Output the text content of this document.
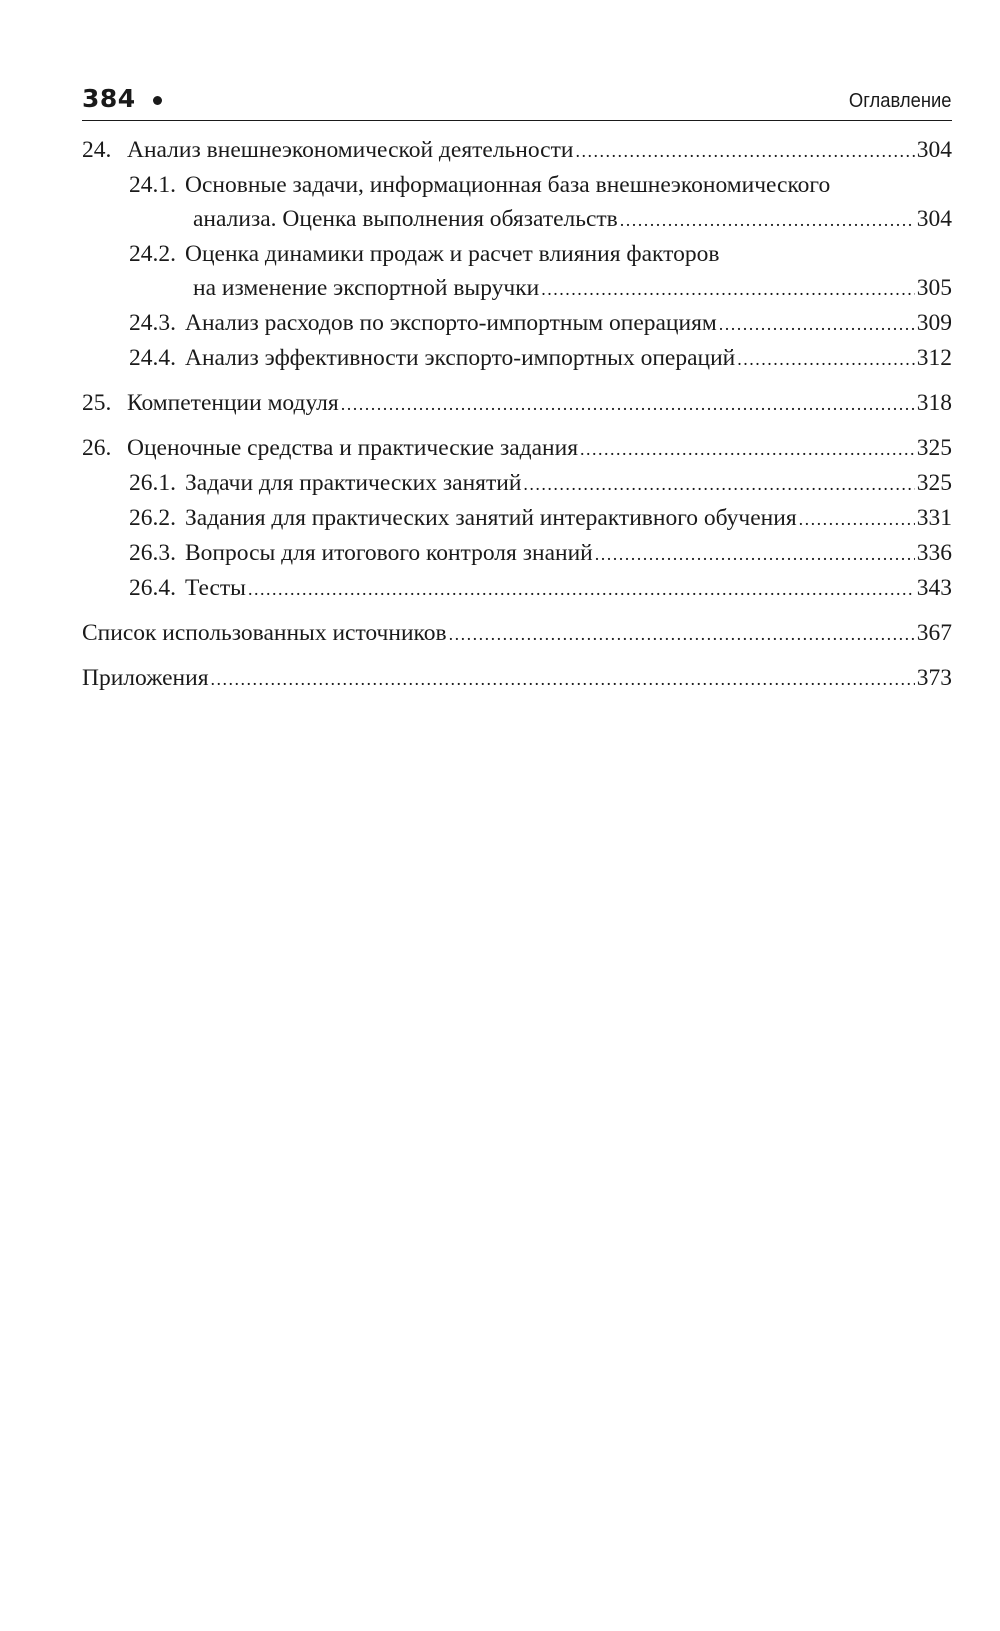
384	Оглавление
24. Анализ внешнеэкономической деятельности .....	304
24.1. Основные задачи, информационная база внешнеэкономического
анализа. Оценка выполнения обязательств .....	304
24.2. Оценка динамики продаж и расчет влияния факторов
на изменение экспортной выручки .....	305
24.3. Анализ расходов по экспорто-импортным операциям .....	309
24.4. Анализ эффективности экспорто-импортных операций .....	312
25. Компетенции модуля .....	318
26. Оценочные средства и практические задания .....	325
26.1. Задачи для практических занятий .....	325
26.2. Задания для практических занятий интерактивного обучения .....	331
26.3. Вопросы для итогового контроля знаний .....	336
26.4. Тесты .....	343
Список использованных источников .....	367
Приложения .....	373
